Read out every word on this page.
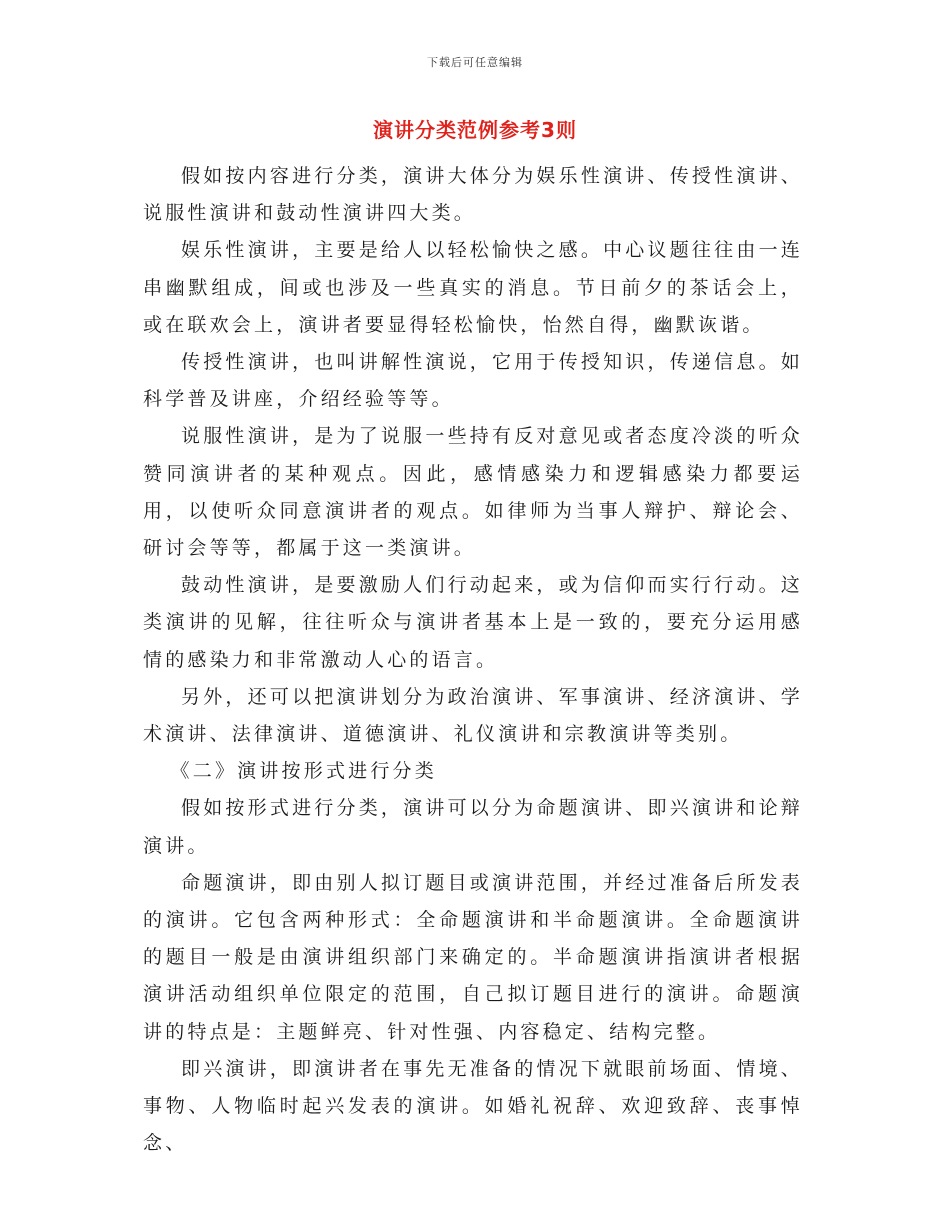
下载后可任意编辑
演讲分类范例参考3则

假如按内容进行分类，演讲大体分为娱乐性演讲、传授性演讲、说服性演讲和鼓动性演讲四大类。

娱乐性演讲，主要是给人以轻松愉快之感。中心议题往往由一连串幽默组成，间或也涉及一些真实的消息。节日前夕的茶话会上，或在联欢会上，演讲者要显得轻松愉快，怡然自得，幽默诙谐。

传授性演讲，也叫讲解性演说，它用于传授知识，传递信息。如科学普及讲座，介绍经验等等。

说服性演讲，是为了说服一些持有反对意见或者态度冷淡的听众赞同演讲者的某种观点。因此，感情感染力和逻辑感染力都要运用，以使听众同意演讲者的观点。如律师为当事人辩护、辩论会、研讨会等等，都属于这一类演讲。

鼓动性演讲，是要激励人们行动起来，或为信仰而实行行动。这类演讲的见解，往往听众与演讲者基本上是一致的，要充分运用感情的感染力和非常激动人心的语言。

另外，还可以把演讲划分为政治演讲、军事演讲、经济演讲、学术演讲、法律演讲、道德演讲、礼仪演讲和宗教演讲等类别。

《二》演讲按形式进行分类

假如按形式进行分类，演讲可以分为命题演讲、即兴演讲和论辩演讲。

命题演讲，即由别人拟订题目或演讲范围，并经过准备后所发表的演讲。它包含两种形式：全命题演讲和半命题演讲。全命题演讲的题目一般是由演讲组织部门来确定的。半命题演讲指演讲者根据演讲活动组织单位限定的范围，自己拟订题目进行的演讲。命题演讲的特点是：主题鲜亮、针对性强、内容稳定、结构完整。

即兴演讲，即演讲者在事先无准备的情况下就眼前场面、情境、事物、人物临时起兴发表的演讲。如婚礼祝辞、欢迎致辞、丧事悼念、
